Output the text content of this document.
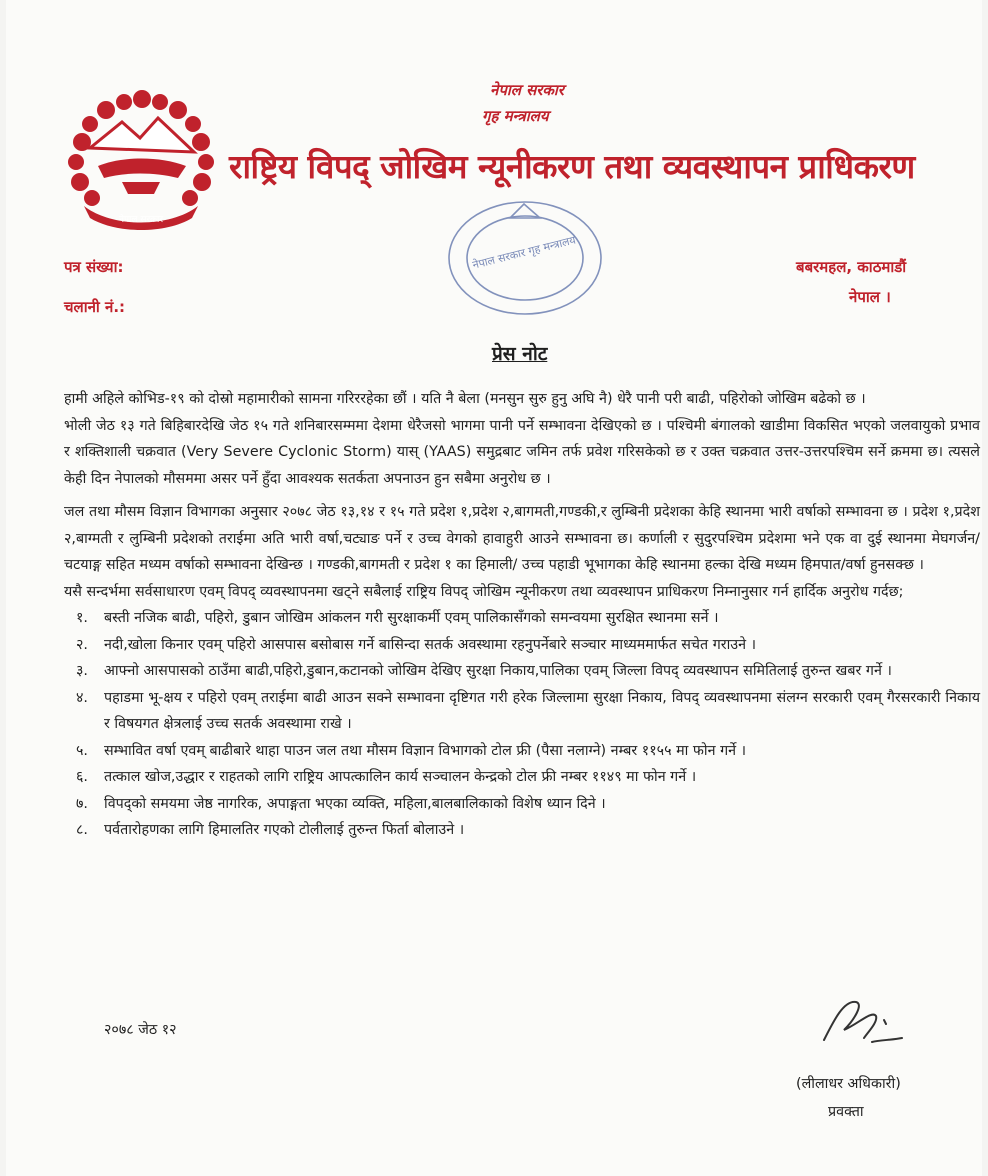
नेपाल सरकार
नेपाल सरकार
गृह मन्त्रालय
राष्ट्रिय विपद् जोखिम न्यूनीकरण तथा व्यवस्थापन प्राधिकरण
नेपाल सरकार गृह मन्त्रालय
पत्र संख्या:
चलानी नं.:
बबरमहल, काठमाडौं
नेपाल ।
प्रेस नोट

हामी अहिले कोभिड-१९ को दोस्रो महामारीको सामना गरिररहेका छौं । यति नै बेला (मनसुन सुरु हुनु अघि नै) धेरै पानी परी बाढी, पहिरोको जोखिम बढेको छ ।

भोली जेठ १३ गते बिहिबारदेखि जेठ १५ गते शनिबारसम्ममा देशमा धेरैजसो भागमा पानी पर्ने सम्भावना देखिएको छ । पश्चिमी बंगालको खाडीमा विकसित भएको जलवायुको प्रभाव र शक्तिशाली चक्रवात (Very Severe Cyclonic Storm) यास् (YAAS) समुद्रबाट जमिन तर्फ प्रवेश गरिसकेको छ र उक्त चक्रवात उत्तर-उत्तरपश्चिम सर्ने क्रममा छ। त्यसले केही दिन नेपालको मौसममा असर पर्ने हुँदा आवश्यक सतर्कता अपनाउन हुन सबैमा अनुरोध छ ।

जल तथा मौसम विज्ञान विभागका अनुसार २०७८ जेठ १३,१४ र १५ गते प्रदेश १,प्रदेश २,बागमती,गण्डकी,र लुम्बिनी प्रदेशका केहि स्थानमा भारी वर्षाको सम्भावना छ । प्रदेश १,प्रदेश २,बाग्मती र लुम्बिनी प्रदेशको तराईमा अति भारी वर्षा,चट्याङ पर्ने र उच्च वेगको हावाहुरी आउने सम्भावना छ। कर्णाली र सुदुरपश्चिम प्रदेशमा भने एक वा दुई स्थानमा मेघगर्जन/चटयाङ्ग सहित मध्यम वर्षाको सम्भावना देखिन्छ । गण्डकी,बागमती र प्रदेश १ का हिमाली/ उच्च पहाडी भूभागका केहि स्थानमा हल्का देखि मध्यम हिमपात/वर्षा हुनसक्छ ।

यसै सन्दर्भमा सर्वसाधारण एवम् विपद् व्यवस्थापनमा खट्ने सबैलाई राष्ट्रिय विपद् जोखिम न्यूनीकरण तथा व्यवस्थापन प्राधिकरण निम्नानुसार गर्न हार्दिक अनुरोध गर्दछ;

१. बस्ती नजिक बाढी, पहिरो, डुबान जोखिम आंकलन गरी सुरक्षाकर्मी एवम् पालिकासँगको समन्वयमा सुरक्षित स्थानमा सर्ने ।
२. नदी,खोला किनार एवम् पहिरो आसपास बसोबास गर्ने बासिन्दा सतर्क अवस्थामा रहनुपर्नेबारे सञ्चार माध्यममार्फत सचेत गराउने ।
३. आफ्नो आसपासको ठाउँमा बाढी,पहिरो,डुबान,कटानको जोखिम देखिए सुरक्षा निकाय,पालिका एवम् जिल्ला विपद् व्यवस्थापन समितिलाई तुरुन्त खबर गर्ने ।
४. पहाडमा भू-क्षय र पहिरो एवम् तराईमा बाढी आउन सक्ने सम्भावना दृष्टिगत गरी हरेक जिल्लामा सुरक्षा निकाय, विपद् व्यवस्थापनमा संलग्न सरकारी एवम् गैरसरकारी निकाय र विषयगत क्षेत्रलाई उच्च सतर्क अवस्थामा राखे ।
५. सम्भावित वर्षा एवम् बाढीबारे थाहा पाउन जल तथा मौसम विज्ञान विभागको टोल फ्री (पैसा नलाग्ने) नम्बर ११५५ मा फोन गर्ने ।
६. तत्काल खोज,उद्धार र राहतको लागि राष्ट्रिय आपत्कालिन कार्य सञ्चालन केन्द्रको टोल फ्री नम्बर ११४९ मा फोन गर्ने ।
७. विपद्को समयमा जेष्ठ नागरिक, अपाङ्गता भएका व्यक्ति, महिला,बालबालिकाको विशेष ध्यान दिने ।
८. पर्वतारोहणका लागि हिमालतिर गएको टोलीलाई तुरुन्त फिर्ता बोलाउने ।
२०७८ जेठ १२
(लीलाधर अधिकारी)
प्रवक्ता
